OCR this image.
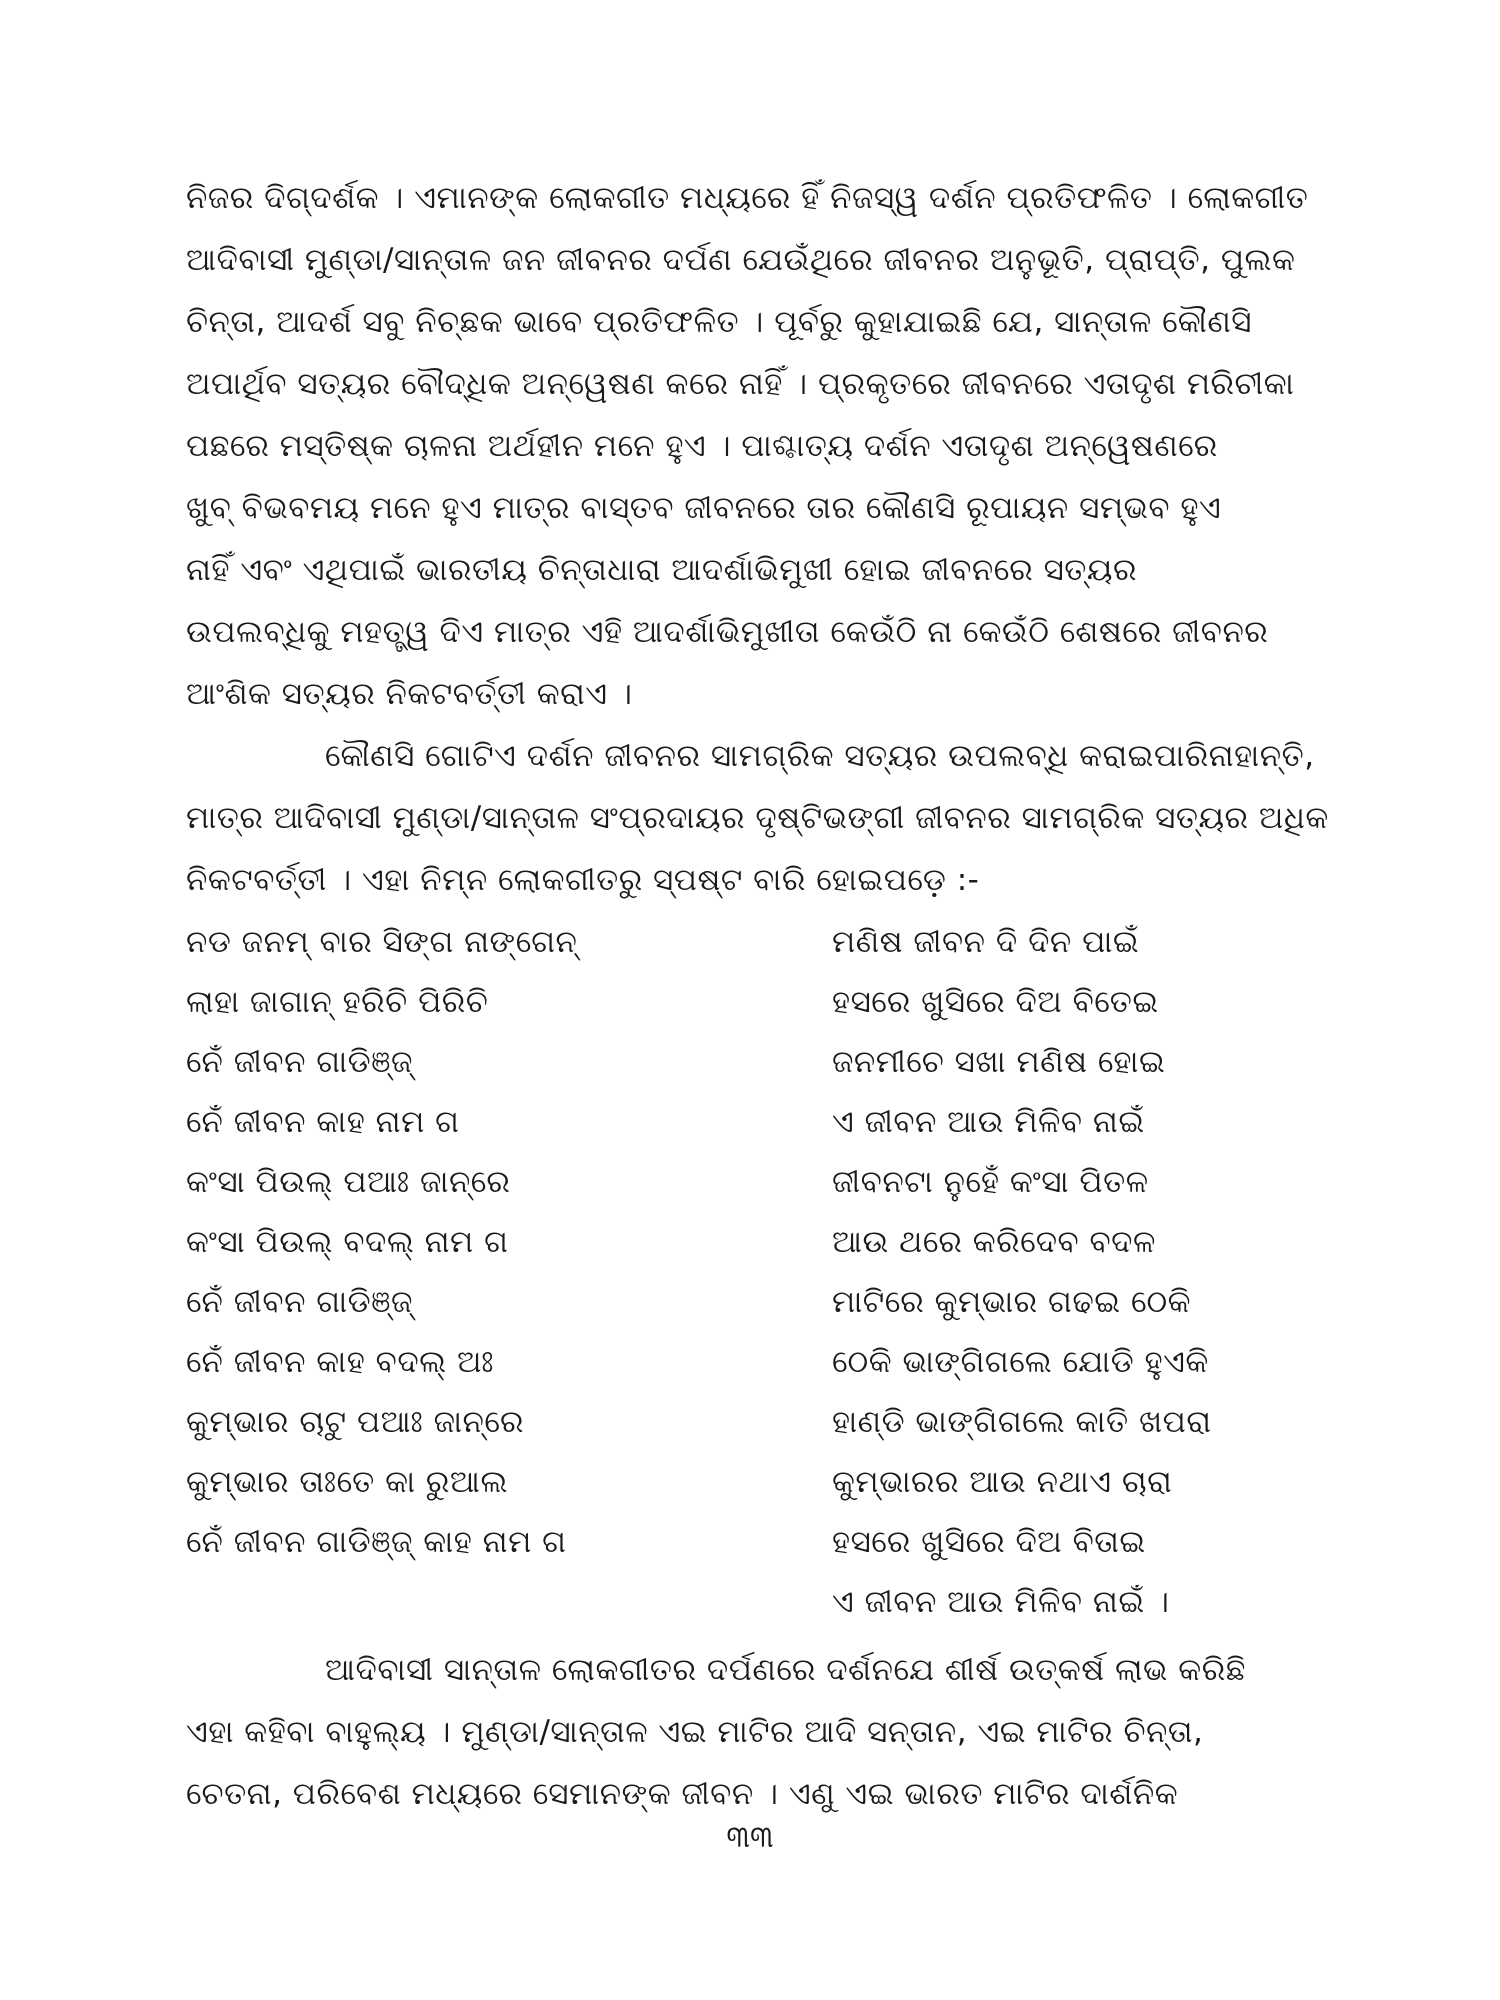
ନିଜର ଦିଗ୍‌ଦର୍ଶକ । ଏମାନଙ୍କ ଲୋକଗୀତ ମଧ୍ୟରେ ହିଁ ନିଜସ୍ୱ ଦର୍ଶନ ପ୍ରତିଫଳିତ । ଲୋକଗୀତ
ଆଦିବାସୀ ମୁଣ୍ଡା/ସାନ୍ତାଳ ଜନ ଜୀବନର ଦର୍ପଣ ଯେଉଁଥିରେ ଜୀବନର ଅନୁଭୂତି, ପ୍ରାପ୍ତି, ପୁଲକ
ଚିନ୍ତା, ଆଦର୍ଶ ସବୁ ନିଚ୍ଛକ ଭାବେ ପ୍ରତିଫଳିତ । ପୂର୍ବରୁ କୁହାଯାଇଛି ଯେ, ସାନ୍ତାଳ କୌଣସି
ଅପାର୍ଥିବ ସତ୍ୟର ବୌଦ୍ଧିକ ଅନ୍ୱେଷଣ କରେ ନାହିଁ । ପ୍ରକୃତରେ ଜୀବନରେ ଏତାଦୃଶ ମରିଚୀକା
ପଛରେ ମସ୍ତିଷ୍କ ଚାଳନା ଅର୍ଥହୀନ ମନେ ହୁଏ । ପାଶ୍ଚାତ୍ୟ ଦର୍ଶନ ଏତାଦୃଶ ଅନ୍ୱେଷଣରେ
ଖୁବ୍ ବିଭବମୟ ମନେ ହୁଏ ମାତ୍ର ବାସ୍ତବ ଜୀବନରେ ତାର କୌଣସି ରୂପାୟନ ସମ୍ଭବ ହୁଏ
ନାହିଁ ଏବଂ ଏଥିପାଇଁ ଭାରତୀୟ ଚିନ୍ତାଧାରା ଆଦର୍ଶାଭିମୁଖୀ ହୋଇ ଜୀବନରେ ସତ୍ୟର
ଉପଲବ୍ଧିକୁ ମହତ୍ତ୍ୱ ଦିଏ ମାତ୍ର ଏହି ଆଦର୍ଶାଭିମୁଖୀତା କେଉଁଠି ନା କେଉଁଠି ଶେଷରେ ଜୀବନର
ଆଂଶିକ ସତ୍ୟର ନିକଟବର୍ତ୍ତୀ କରାଏ ।
କୌଣସି ଗୋଟିଏ ଦର୍ଶନ ଜୀବନର ସାମଗ୍ରିକ ସତ୍ୟର ଉପଲବ୍ଧି କରାଇପାରିନାହାନ୍ତି,
ମାତ୍ର ଆଦିବାସୀ ମୁଣ୍ଡା/ସାନ୍ତାଳ ସଂପ୍ରଦାୟର ଦୃଷ୍ଟିଭଙ୍ଗୀ ଜୀବନର ସାମଗ୍ରିକ ସତ୍ୟର ଅଧିକ
ନିକଟବର୍ତ୍ତୀ । ଏହା ନିମ୍ନ ଲୋକଗୀତରୁ ସ୍ପଷ୍ଟ ବାରି ହୋଇପଡ଼େ :-
ନଡ ଜନମ୍ ବାର ସିଙ୍ଗ ନାଙ୍ଗେନ୍
ଲାହା ଜାଗାନ୍ ହରିଚି ପିରିଚି
ନେଁ ଜୀବନ ଗାଡିଞ୍ଜ୍
ନେଁ ଜୀବନ କାହ ନାମ ଗ
କଂସା ପିଉଲ୍ ପଆଃ ଜାନ୍‌ରେ
କଂସା ପିଉଲ୍ ବଦଲ୍ ନାମ ଗ
ନେଁ ଜୀବନ ଗାଡିଞ୍ଜ୍
ନେଁ ଜୀବନ କାହ ବଦଲ୍ ଅଃ
କୁମ୍ଭାର ଚାଟୁ ପଆଃ ଜାନ୍‌ରେ
କୁମ୍ଭାର ତାଃତେ କା ରୁଆଲ
ନେଁ ଜୀବନ ଗାଡିଞ୍ଜ୍ କାହ ନାମ ଗ
ମଣିଷ ଜୀବନ ଦି ଦିନ ପାଇଁ
ହସରେ ଖୁସିରେ ଦିଅ ବିତେଇ
ଜନମୀଚେ ସଖା ମଣିଷ ହୋଇ
ଏ ଜୀବନ ଆଉ ମିଳିବ ନାଇଁ
ଜୀବନଟା ନୁହେଁ କଂସା ପିତଳ
ଆଉ ଥରେ କରିଦେବ ବଦଳ
ମାଟିରେ କୁମ୍ଭାର ଗଢଇ ଠେକି
ଠେକି ଭାଙ୍ଗିଗଲେ ଯୋଡି ହୁଏକି
ହାଣ୍ଡି ଭାଙ୍ଗିଗଲେ କାତି ଖପରା
କୁମ୍ଭାରର ଆଉ ନଥାଏ ଚାରା
ହସରେ ଖୁସିରେ ଦିଅ ବିତାଇ
ଏ ଜୀବନ ଆଉ ମିଳିବ ନାଇଁ ।
ଆଦିବାସୀ ସାନ୍ତାଳ ଲୋକଗୀତର ଦର୍ପଣରେ ଦର୍ଶନଯେ ଶୀର୍ଷ ଉତ୍କର୍ଷ ଲାଭ କରିଛି
ଏହା କହିବା ବାହୁଲ୍ୟ । ମୁଣ୍ଡା/ସାନ୍ତାଳ ଏଇ ମାଟିର ଆଦି ସନ୍ତାନ, ଏଇ ମାଟିର ଚିନ୍ତା,
ଚେତନା, ପରିବେଶ ମଧ୍ୟରେ ସେମାନଙ୍କ ଜୀବନ । ଏଣୁ ଏଇ ଭାରତ ମାଟିର ଦାର୍ଶନିକ
୩୩
